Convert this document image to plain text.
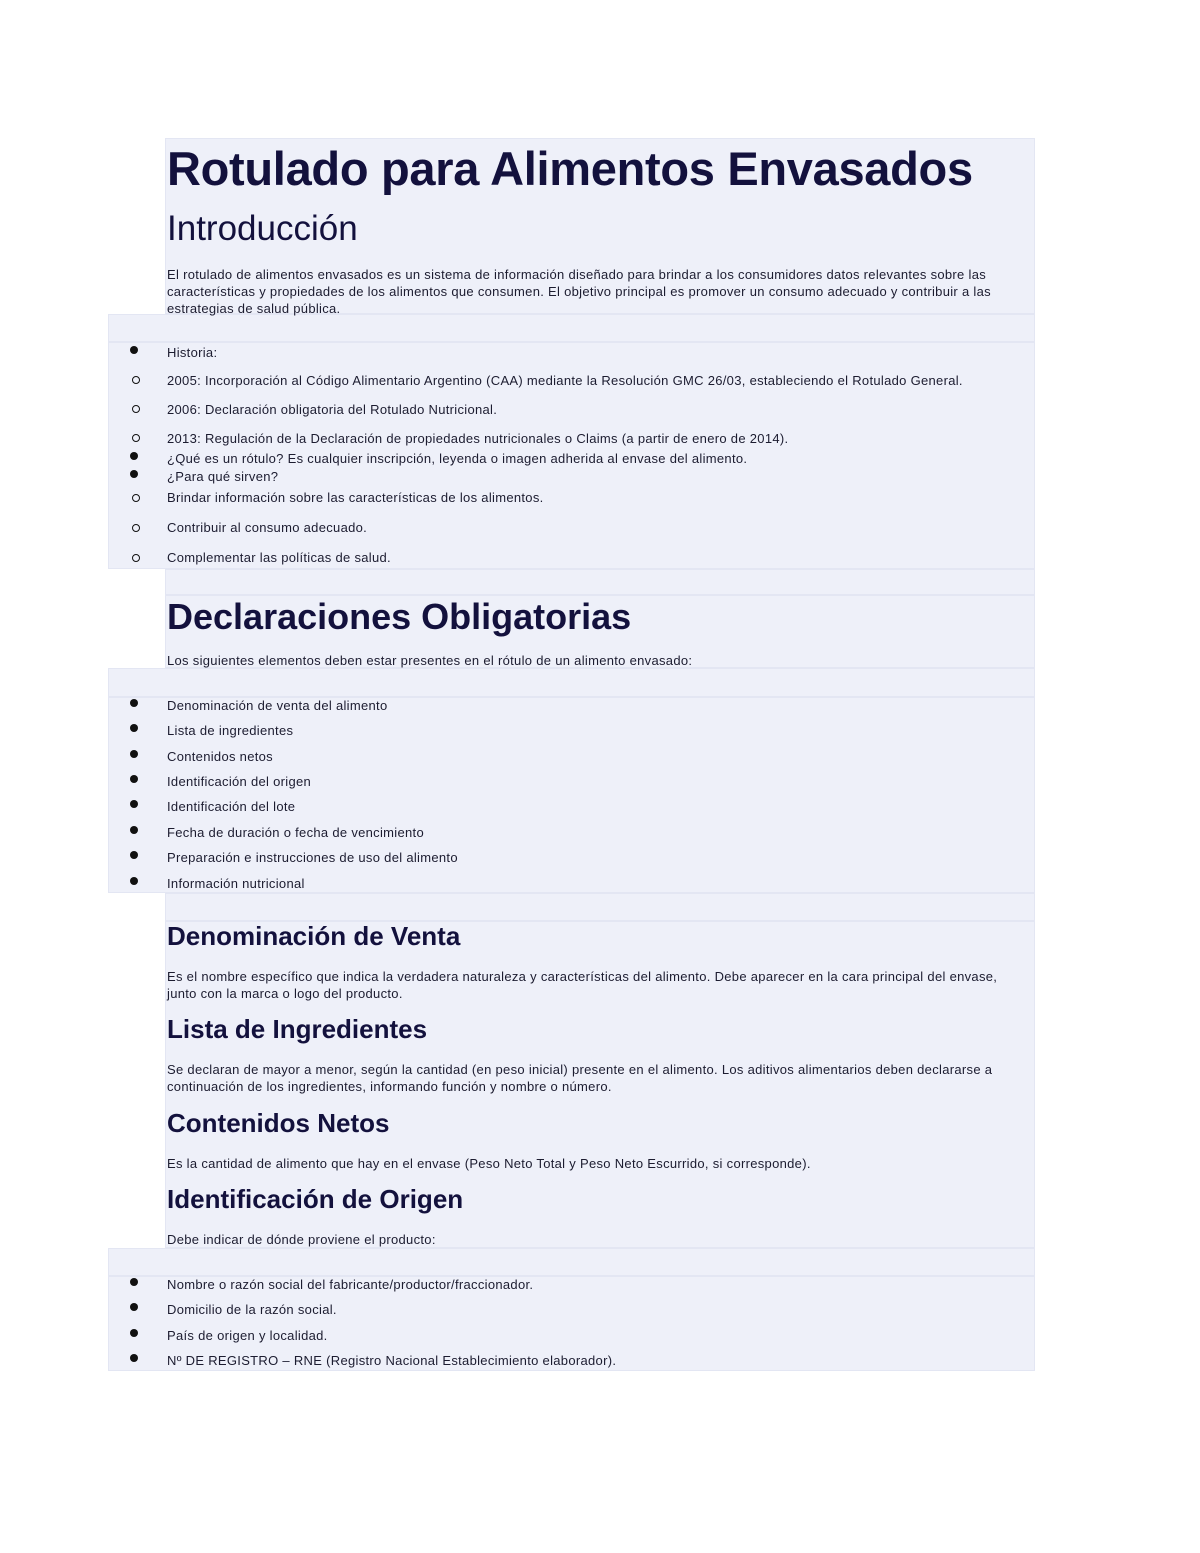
Rotulado para Alimentos Envasados
Introducción
El rotulado de alimentos envasados es un sistema de información diseñado para brindar a los consumidores datos relevantes sobre las características y propiedades de los alimentos que consumen. El objetivo principal es promover un consumo adecuado y contribuir a las estrategias de salud pública.
Historia:
2005: Incorporación al Código Alimentario Argentino (CAA) mediante la Resolución GMC 26/03, estableciendo el Rotulado General.
2006: Declaración obligatoria del Rotulado Nutricional.
2013: Regulación de la Declaración de propiedades nutricionales o Claims (a partir de enero de 2014).
¿Qué es un rótulo? Es cualquier inscripción, leyenda o imagen adherida al envase del alimento.
¿Para qué sirven?
Brindar información sobre las características de los alimentos.
Contribuir al consumo adecuado.
Complementar las políticas de salud.
Declaraciones Obligatorias
Los siguientes elementos deben estar presentes en el rótulo de un alimento envasado:
Denominación de venta del alimento
Lista de ingredientes
Contenidos netos
Identificación del origen
Identificación del lote
Fecha de duración o fecha de vencimiento
Preparación e instrucciones de uso del alimento
Información nutricional
Denominación de Venta
Es el nombre específico que indica la verdadera naturaleza y características del alimento. Debe aparecer en la cara principal del envase, junto con la marca o logo del producto.
Lista de Ingredientes
Se declaran de mayor a menor, según la cantidad (en peso inicial) presente en el alimento. Los aditivos alimentarios deben declararse a continuación de los ingredientes, informando función y nombre o número.
Contenidos Netos
Es la cantidad de alimento que hay en el envase (Peso Neto Total y Peso Neto Escurrido, si corresponde).
Identificación de Origen
Debe indicar de dónde proviene el producto:
Nombre o razón social del fabricante/productor/fraccionador.
Domicilio de la razón social.
País de origen y localidad.
Nº DE REGISTRO – RNE (Registro Nacional Establecimiento elaborador).
